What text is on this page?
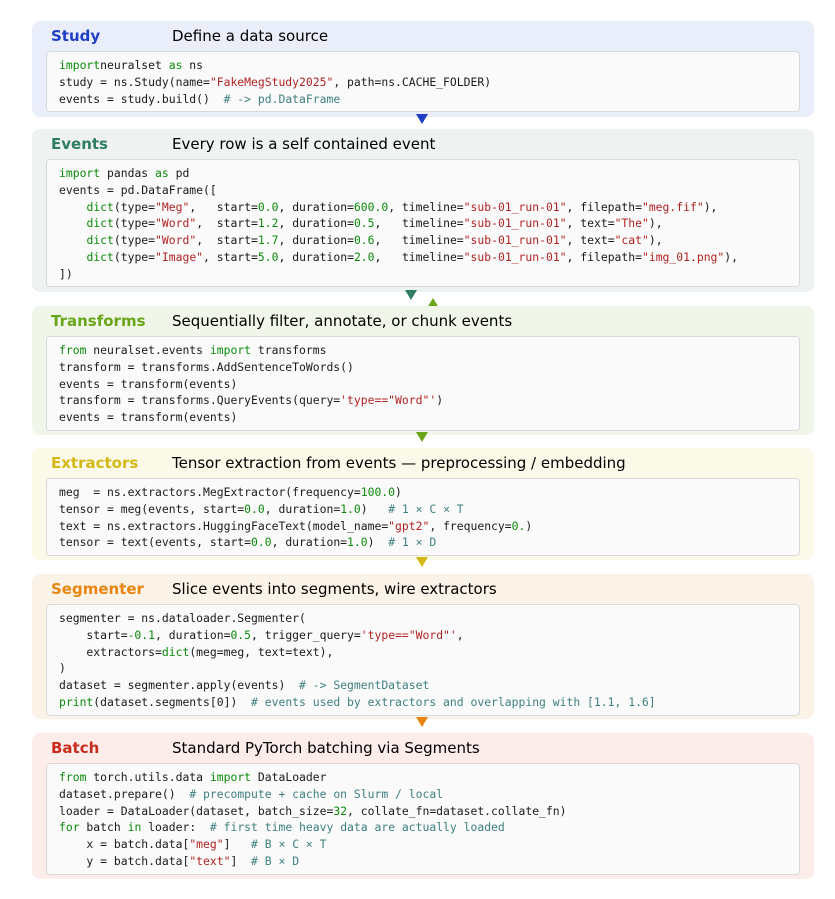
Study	Define a data source
importneuralset as ns
study = ns.Study(name="FakeMegStudy2025", path=ns.CACHE_FOLDER)
events = study.build()  # -> pd.DataFrame
Events	Every row is a self contained event
import pandas as pd
events = pd.DataFrame([
dict(type="Meg",   start=0.0, duration=600.0, timeline="sub-01_run-01", filepath="meg.fif"),
dict(type="Word",  start=1.2, duration=0.5,   timeline="sub-01_run-01", text="The"),
dict(type="Word",  start=1.7, duration=0.6,   timeline="sub-01_run-01", text="cat"),
dict(type="Image", start=5.0, duration=2.0,   timeline="sub-01_run-01", filepath="img_01.png"),
])
Transforms Sequentially filter, annotate, or chunk events
from neuralset.events import transforms
transform = transforms.AddSentenceToWords()
events = transform(events)
transform = transforms.QueryEvents(query='type=="Word"')
events = transform(events)
Extractors Tensor extraction from events — preprocessing / embedding
meg  = ns.extractors.MegExtractor(frequency=100.0)
tensor = meg(events, start=0.0, duration=1.0)   # 1 × C × T
text = ns.extractors.HuggingFaceText(model_name="gpt2", frequency=0.)
tensor = text(events, start=0.0, duration=1.0)  # 1 × D
Segmenter Slice events into segments, wire extractors
segmenter = ns.dataloader.Segmenter(
start=-0.1, duration=0.5, trigger_query='type=="Word"',
extractors=dict(meg=meg, text=text),
)
dataset = segmenter.apply(events)  # -> SegmentDataset
print(dataset.segments[0])  # events used by extractors and overlapping with [1.1, 1.6]
Batch	Standard PyTorch batching via Segments
from torch.utils.data import DataLoader
dataset.prepare()  # precompute + cache on Slurm / local
loader = DataLoader(dataset, batch_size=32, collate_fn=dataset.collate_fn)
for batch in loader:  # first time heavy data are actually loaded
x = batch.data["meg"]   # B × C × T
y = batch.data["text"]  # B × D
